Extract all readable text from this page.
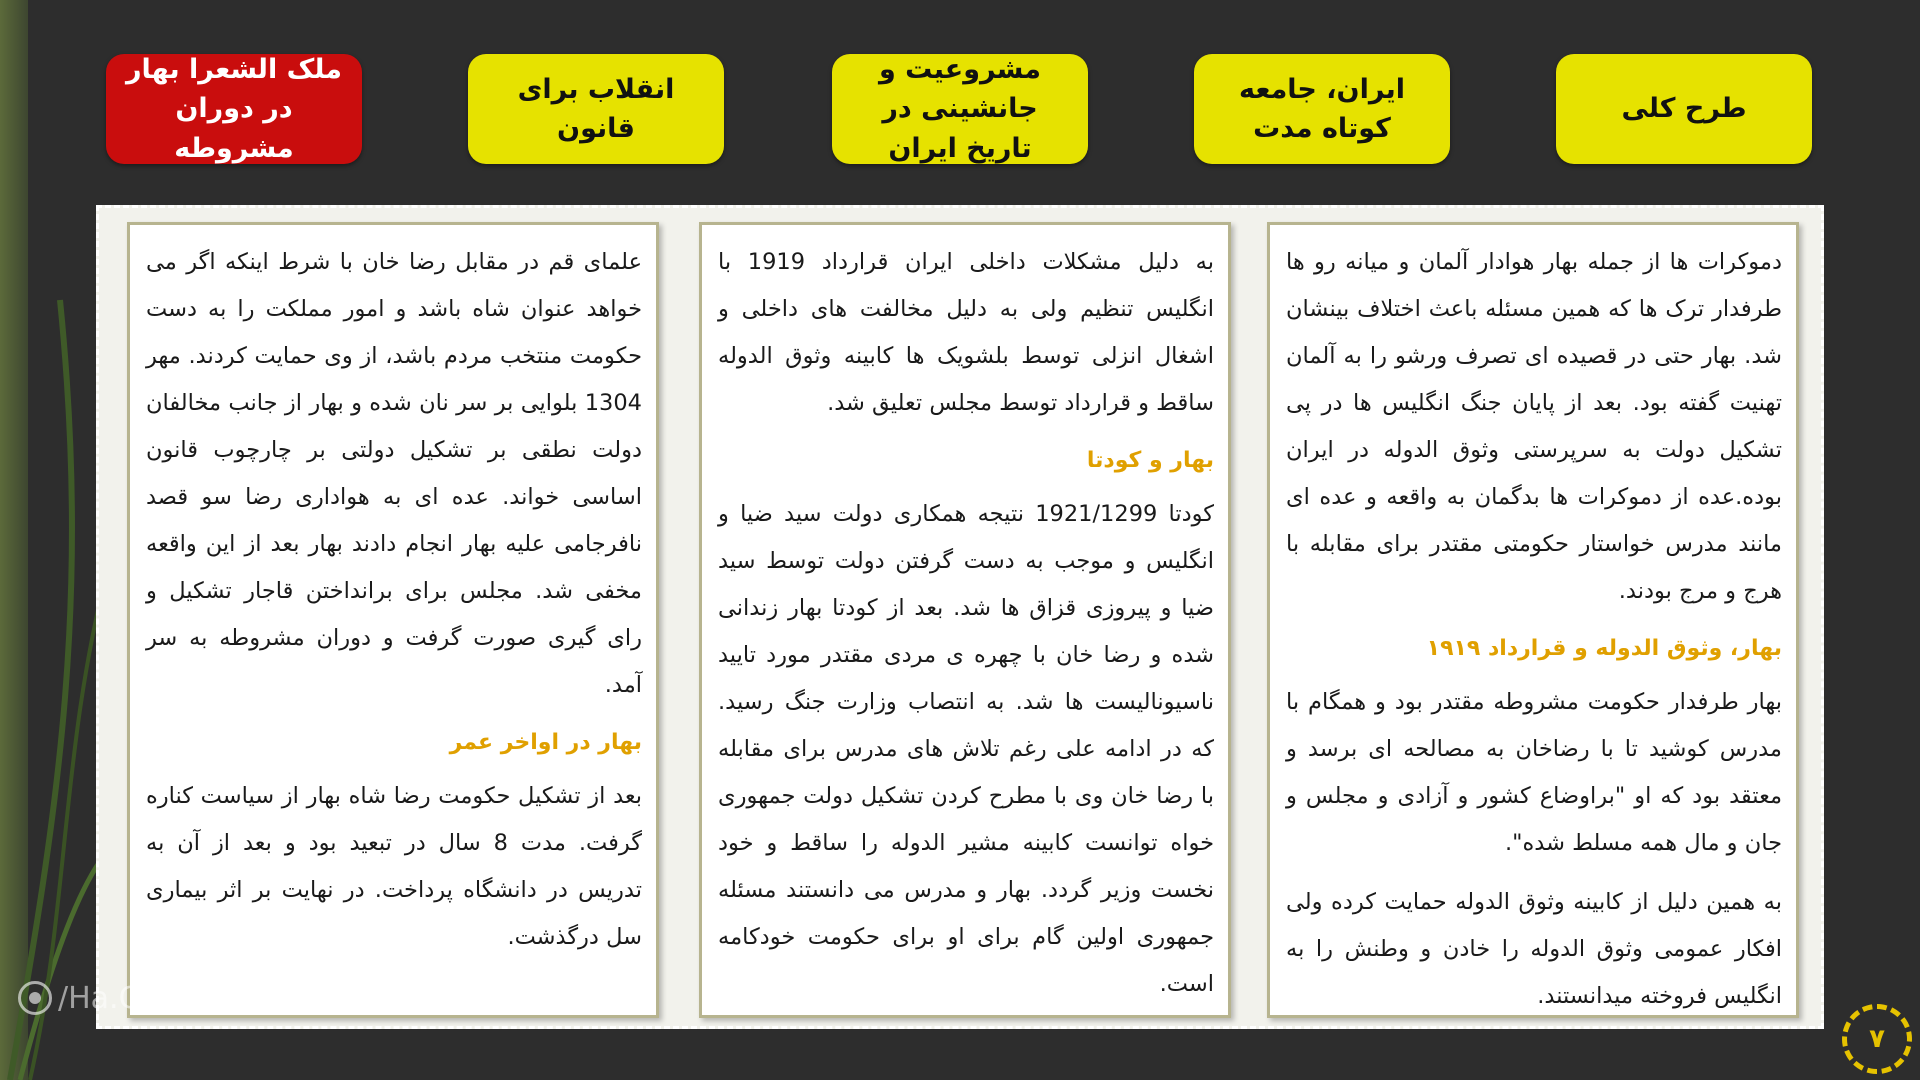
ملک الشعرا بهار در دوران مشروطه
انقلاب برای قانون
مشروعیت و جانشینی در تاریخ ایران
ایران، جامعه کوتاه مدت
طرح کلی

دموکرات ها از جمله بهار هوادار آلمان و میانه رو ها طرفدار ترک ها که همین مسئله باعث اختلاف بینشان شد. بهار حتی در قصیده ای تصرف ورشو را به آلمان تهنیت گفته بود. بعد از پایان جنگ انگلیس ها در پی تشکیل دولت به سرپرستی وثوق الدوله در ایران بوده.عده از دموکرات ها بدگمان به واقعه و عده ای مانند مدرس خواستار حکومتی مقتدر برای مقابله با هرج و مرج بودند.

بهار، وثوق الدوله و قرارداد ۱۹۱۹

بهار طرفدار حکومت مشروطه مقتدر بود و همگام با مدرس کوشید تا با رضاخان به مصالحه ای برسد و معتقد بود که او "براوضاع کشور و آزادی و مجلس و جان و مال همه مسلط شده".

به همین دلیل از کابینه وثوق الدوله حمایت کرده ولی افکار عمومی وثوق الدوله را خادن و وطنش را به انگلیس فروخته میدانستند.

به دلیل مشکلات داخلی ایران قرارداد 1919 با انگلیس تنظیم ولی به دلیل مخالفت های داخلی و اشغال انزلی توسط بلشویک ها کابینه وثوق الدوله ساقط و قرارداد توسط مجلس تعلیق شد.

بهار و کودتا

کودتا 1921/1299 نتیجه همکاری دولت سید ضیا و انگلیس و موجب به دست گرفتن دولت توسط سید ضیا و پیروزی قزاق ها شد. بعد از کودتا بهار زندانی شده و رضا خان با چهره ی مردی مقتدر مورد تایید ناسیونالیست ها شد. به انتصاب وزارت جنگ رسید. که در ادامه علی رغم تلاش های مدرس برای مقابله با رضا خان وی با مطرح کردن تشکیل دولت جمهوری خواه توانست کابینه مشیر الدوله را ساقط و خود نخست وزیر گردد. بهار و مدرس می دانستند مسئله جمهوری اولین گام برای او برای حکومت خودکامه است.

علمای قم در مقابل رضا خان با شرط اینکه اگر می خواهد عنوان شاه باشد و امور مملکت را به دست حکومت منتخب مردم باشد، از وی حمایت کردند. مهر 1304 بلوایی بر سر نان شده و بهار از جانب مخالفان دولت نطقی بر تشکیل دولتی بر چارچوب قانون اساسی خواند. عده ای به هواداری رضا سو قصد نافرجامی علیه بهار انجام دادند بهار بعد از این واقعه مخفی شد. مجلس برای برانداختن قاجار تشکیل و رای گیری صورت گرفت و دوران مشروطه به سر آمد.

بهار در اواخر عمر

بعد از تشکیل حکومت رضا شاه بهار از سیاست کناره گرفت. مدت 8 سال در تبعید بود و بعد از آن به تدریس در دانشگاه پرداخت. در نهایت بر اثر بیماری سل درگذشت.

/Ha.Gerami
۷
